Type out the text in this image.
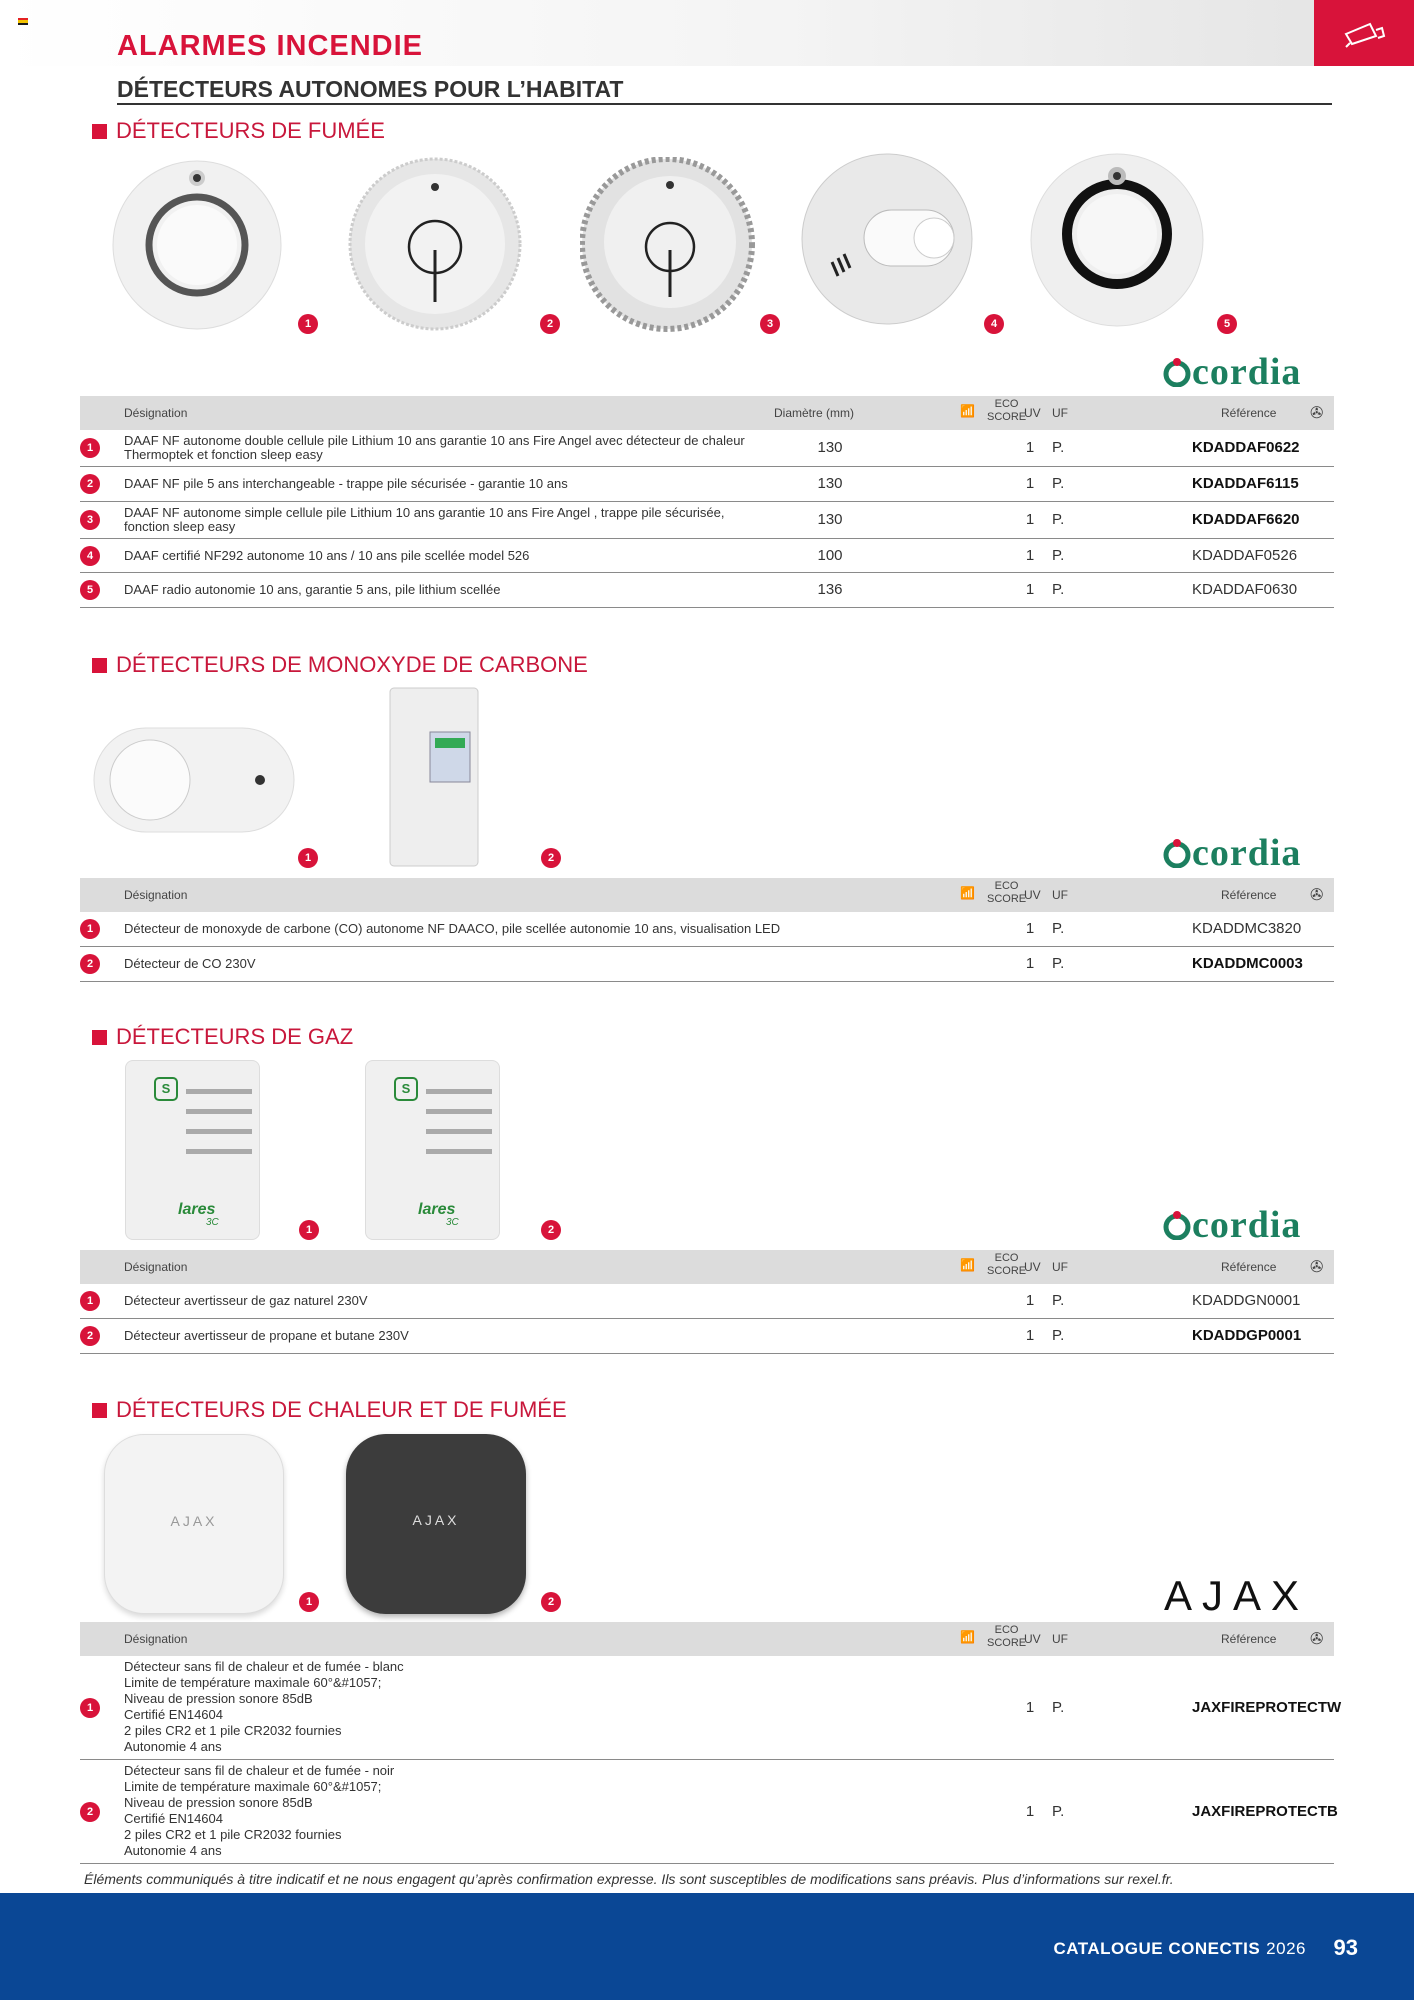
ALARMES INCENDIE
DÉTECTEURS AUTONOMES POUR L’HABITAT
DÉTECTEURS DE FUMÉE
1	2	3	4	5
cordia
Désignation	Diamètre (mm)	📶	ECO
SCORE
UV UF	Référence ✇
1	DAAF NF autonome double cellule pile Lithium 10 ans garantie 10 ans Fire Angel avec détecteur de chaleur
Thermoptek et fonction sleep easy	130	1	P.	KDADDAF0622
2	DAAF NF pile 5 ans interchangeable - trappe pile sécurisée - garantie 10 ans	130	1	P.	KDADDAF6115
3	DAAF NF autonome simple cellule pile Lithium 10 ans garantie 10 ans Fire Angel , trappe pile sécurisée,
fonction sleep easy	130	1	P.	KDADDAF6620
4	DAAF certifié NF292 autonome 10 ans / 10 ans pile scellée model 526	100	1	P.	KDADDAF0526
5	DAAF radio autonomie 10 ans, garantie 5 ans, pile lithium scellée	136	1	P.	KDADDAF0630
DÉTECTEURS DE MONOXYDE DE CARBONE
1	2	cordia
Désignation	📶	ECO
SCORE
UV UF	Référence ✇
1	Détecteur de monoxyde de carbone (CO) autonome NF DAACO, pile scellée autonomie 10 ans, visualisation LED	1	P.	KDADDMC3820
2	Détecteur de CO 230V	1	P.	KDADDMC0003
DÉTECTEURS DE GAZ
S
lares
3C
1
S
lares
3C
2	cordia
Désignation	📶	ECO
SCORE
UV UF	Référence ✇
1	Détecteur avertisseur de gaz naturel 230V	1	P.	KDADDGN0001
2	Détecteur avertisseur de propane et butane 230V	1	P.	KDADDGP0001
DÉTECTEURS DE CHALEUR ET DE FUMÉE
AJAX
1
AJAX
2	AJAX
Désignation	📶	ECO
SCORE
UV UF	Référence ✇
1
Détecteur sans fil de chaleur et de fumée - blanc
Limite de température maximale 60°&#1057;
Niveau de pression sonore 85dB
Certifié EN14604
2 piles CR2 et 1 pile CR2032 fournies
Autonomie 4 ans
1	P.	JAXFIREPROTECTW
2
Détecteur sans fil de chaleur et de fumée - noir
Limite de température maximale 60°&#1057;
Niveau de pression sonore 85dB
Certifié EN14604
2 piles CR2 et 1 pile CR2032 fournies
Autonomie 4 ans
1	P.	JAXFIREPROTECTB
Éléments communiqués à titre indicatif et ne nous engagent qu’après confirmation expresse. Ils sont susceptibles de modifications sans préavis. Plus d’informations sur rexel.fr.
CATALOGUE CONECTIS 2026 93
